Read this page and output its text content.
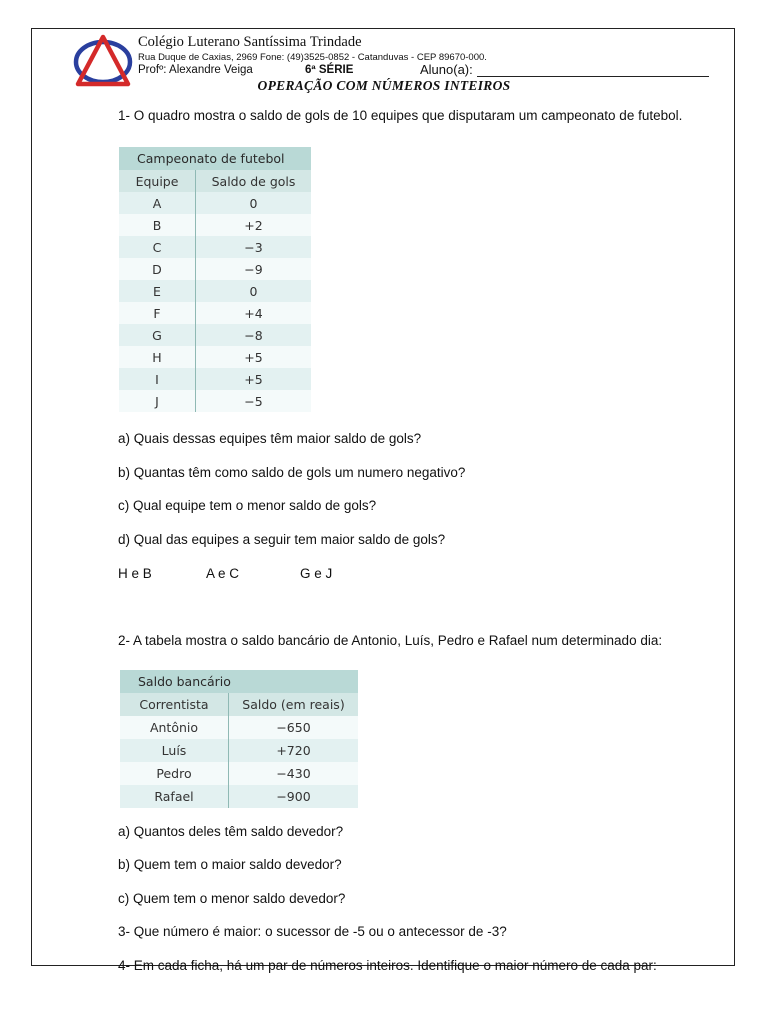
Colégio Luterano Santíssima Trindade
Rua Duque de Caxias, 2969 Fone: (49)3525-0852 - Catanduvas - CEP 89670-000.
Profº: Alexandre Veiga	6ª SÉRIE	Aluno(a):
OPERAÇÃO COM NÚMEROS INTEIROS
1- O quadro mostra o saldo de gols de 10 equipes que disputaram um campeonato de futebol.
Campeonato de futebol	
Equipe	Saldo de gols
A	0
B	+2
C	−3
D	−9
E	0
F	+4
G	−8
H	+5
I	+5
J	−5
a) Quais dessas equipes têm maior saldo de gols?
b) Quantas têm como saldo de gols um numero negativo?
c) Qual equipe tem o menor saldo de gols?
d) Qual das equipes a seguir tem maior saldo de gols?
H e B	A e C	G e J
2- A tabela mostra o saldo bancário de Antonio, Luís, Pedro e Rafael num determinado dia:
Saldo bancário	
Correntista	Saldo (em reais)
Antônio	−650
Luís	+720
Pedro	−430
Rafael	−900
a) Quantos deles têm saldo devedor?
b) Quem tem o maior saldo devedor?
c) Quem tem o menor saldo devedor?
3- Que número é maior: o sucessor de -5 ou o antecessor de -3?
4- Em cada ficha, há um par de números inteiros. Identifique o maior número de cada par:
